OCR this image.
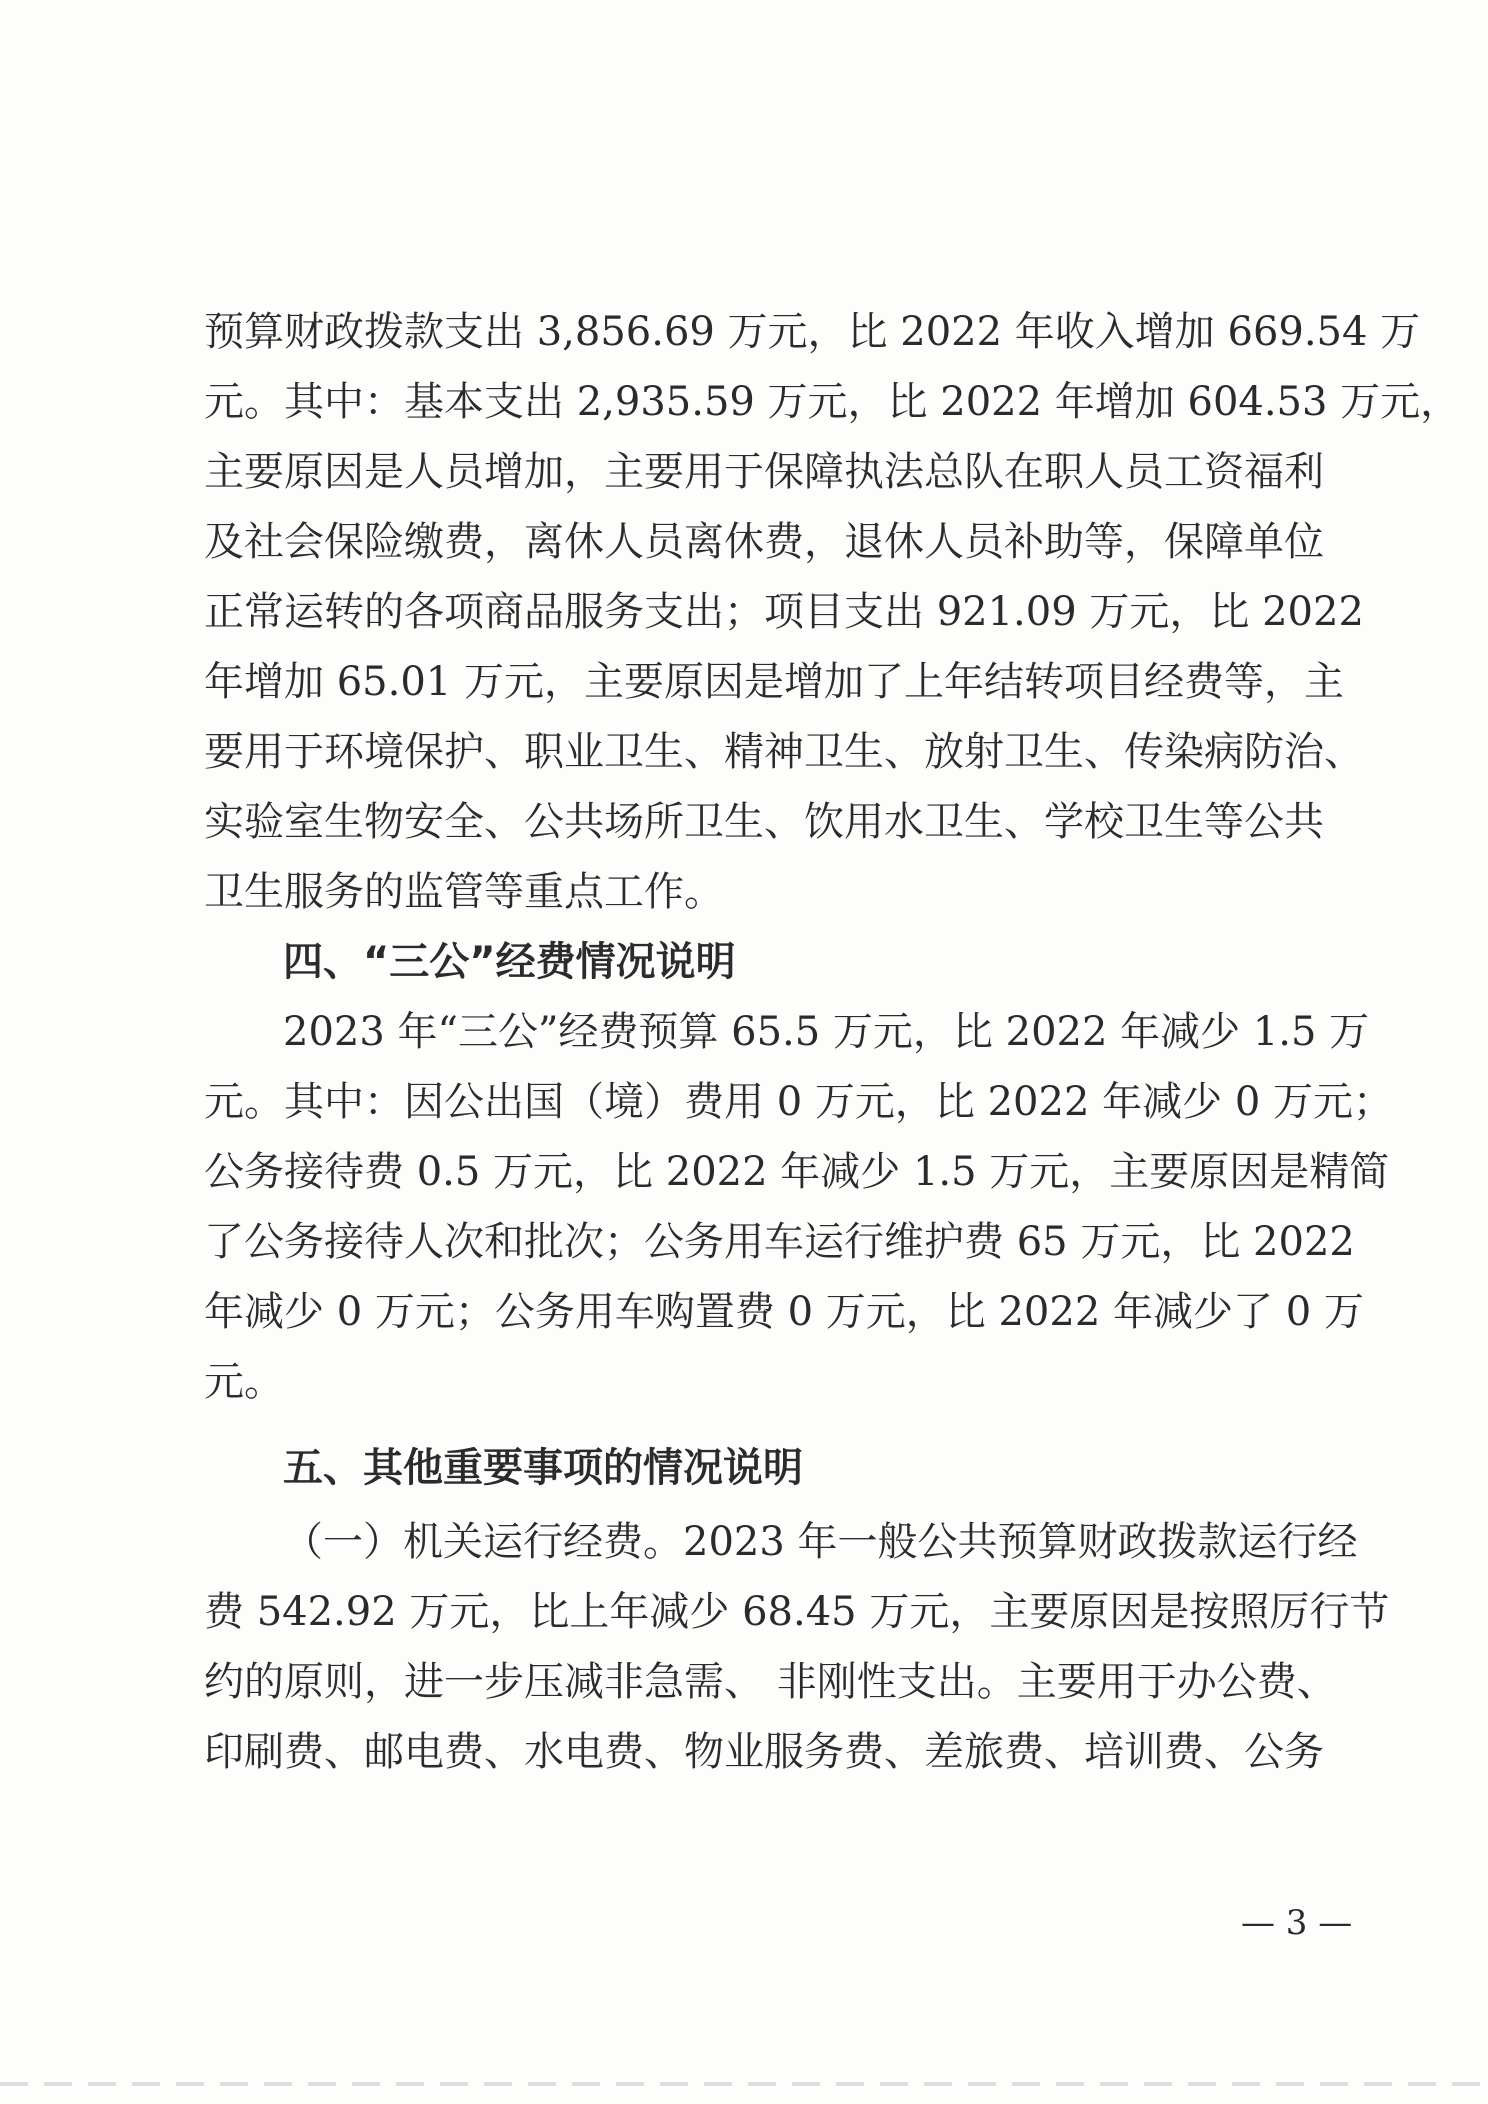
预算财政拨款支出 3,856.69 万元，比 2022 年收入增加 669.54 万
元。其中：基本支出 2,935.59 万元，比 2022 年增加 604.53 万元，
主要原因是人员增加，主要用于保障执法总队在职人员工资福利
及社会保险缴费，离休人员离休费，退休人员补助等，保障单位
正常运转的各项商品服务支出；项目支出 921.09 万元，比 2022
年增加 65.01 万元，主要原因是增加了上年结转项目经费等，主
要用于环境保护、职业卫生、精神卫生、放射卫生、传染病防治、
实验室生物安全、公共场所卫生、饮用水卫生、学校卫生等公共
卫生服务的监管等重点工作。
四、“三公”经费情况说明
2023 年“三公”经费预算 65.5 万元，比 2022 年减少 1.5 万
元。其中：因公出国（境）费用 0 万元，比 2022 年减少 0 万元；
公务接待费 0.5 万元，比 2022 年减少 1.5 万元，主要原因是精简
了公务接待人次和批次；公务用车运行维护费 65 万元，比 2022
年减少 0 万元；公务用车购置费 0 万元，比 2022 年减少了 0 万
元。
五、其他重要事项的情况说明
（一）机关运行经费。2023 年一般公共预算财政拨款运行经
费 542.92 万元，比上年减少 68.45 万元，主要原因是按照厉行节
约的原则，进一步压减非急需、 非刚性支出。主要用于办公费、
印刷费、邮电费、水电费、物业服务费、差旅费、培训费、公务
— 3 —
